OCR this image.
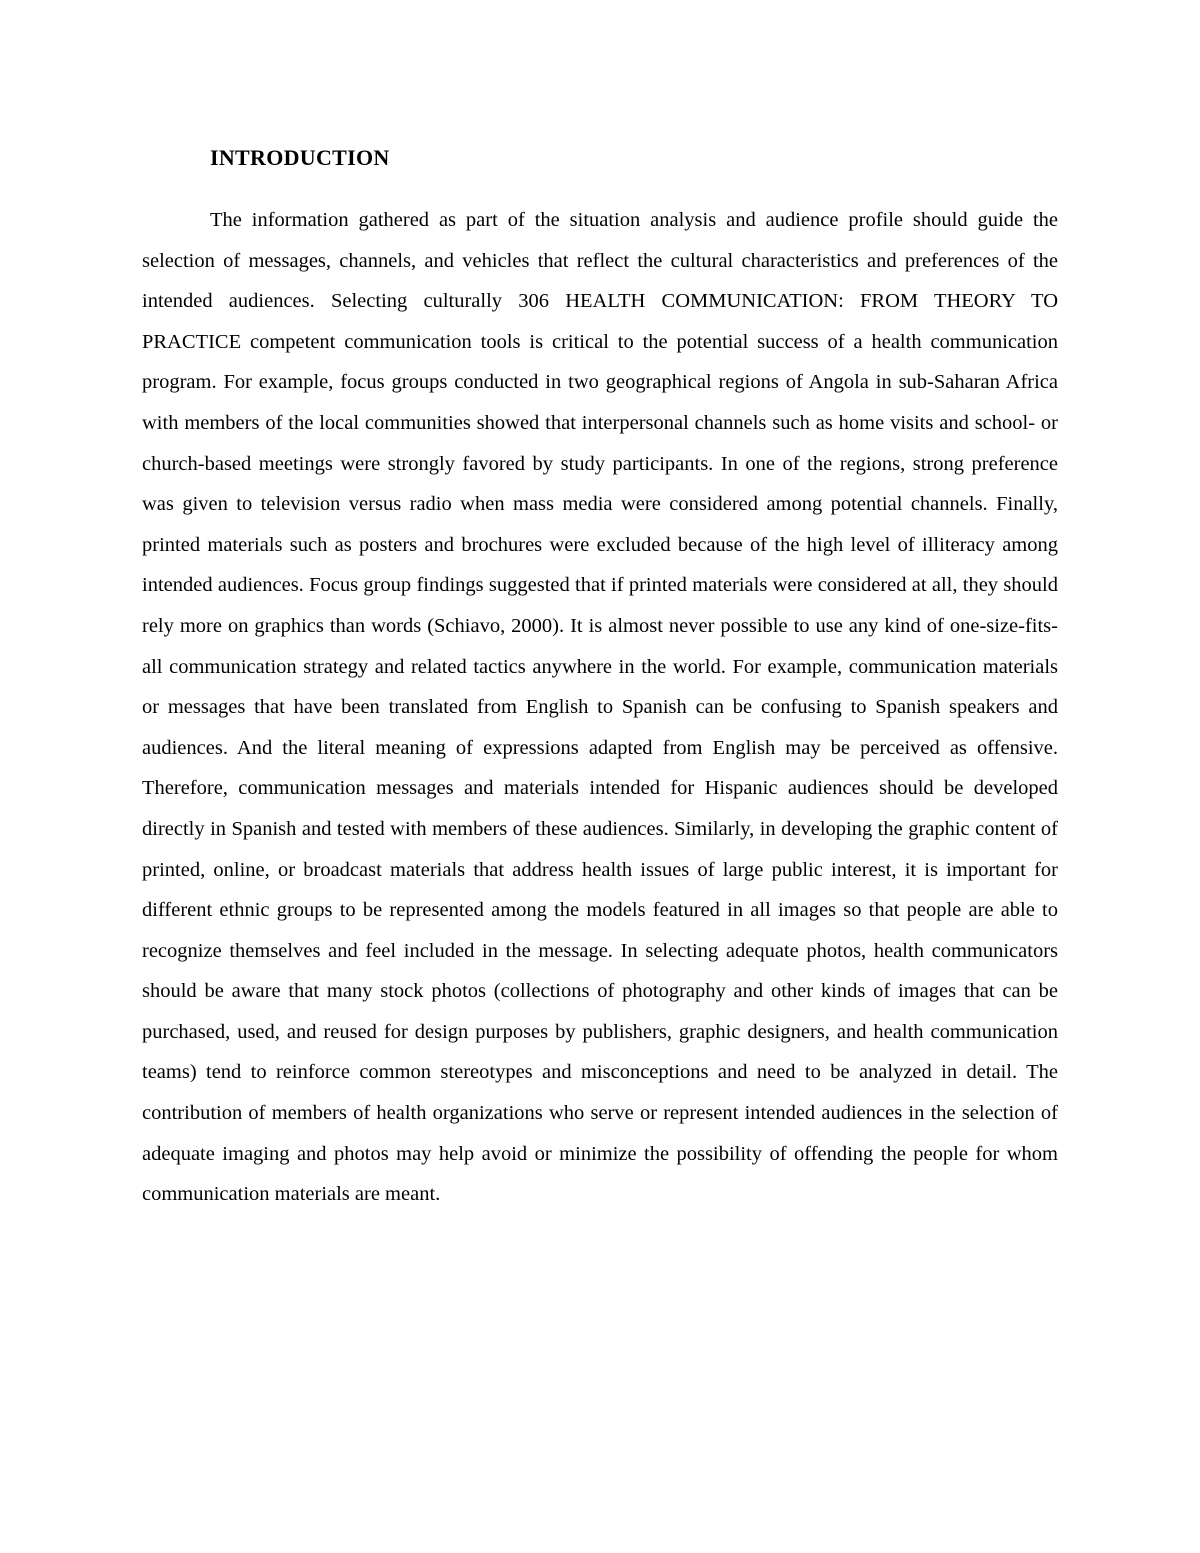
INTRODUCTION

The information gathered as part of the situation analysis and audience profile should guide the selection of messages, channels, and vehicles that reflect the cultural characteristics and preferences of the intended audiences. Selecting culturally 306 HEALTH COMMUNICATION: FROM THEORY TO PRACTICE competent communication tools is critical to the potential success of a health communication program. For example, focus groups conducted in two geographical regions of Angola in sub-Saharan Africa with members of the local communities showed that interpersonal channels such as home visits and school- or church-based meetings were strongly favored by study participants. In one of the regions, strong preference was given to television versus radio when mass media were considered among potential channels. Finally, printed materials such as posters and brochures were excluded because of the high level of illiteracy among intended audiences. Focus group findings suggested that if printed materials were considered at all, they should rely more on graphics than words (Schiavo, 2000). It is almost never possible to use any kind of one-size-fits-all communication strategy and related tactics anywhere in the world. For example, communication materials or messages that have been translated from English to Spanish can be confusing to Spanish speakers and audiences. And the literal meaning of expressions adapted from English may be perceived as offensive. Therefore, communication messages and materials intended for Hispanic audiences should be developed directly in Spanish and tested with members of these audiences. Similarly, in developing the graphic content of printed, online, or broadcast materials that address health issues of large public interest, it is important for different ethnic groups to be represented among the models featured in all images so that people are able to recognize themselves and feel included in the message. In selecting adequate photos, health communicators should be aware that many stock photos (collections of photography and other kinds of images that can be purchased, used, and reused for design purposes by publishers, graphic designers, and health communication teams) tend to reinforce common stereotypes and misconceptions and need to be analyzed in detail. The contribution of members of health organizations who serve or represent intended audiences in the selection of adequate imaging and photos may help avoid or minimize the possibility of offending the people for whom communication materials are meant.
